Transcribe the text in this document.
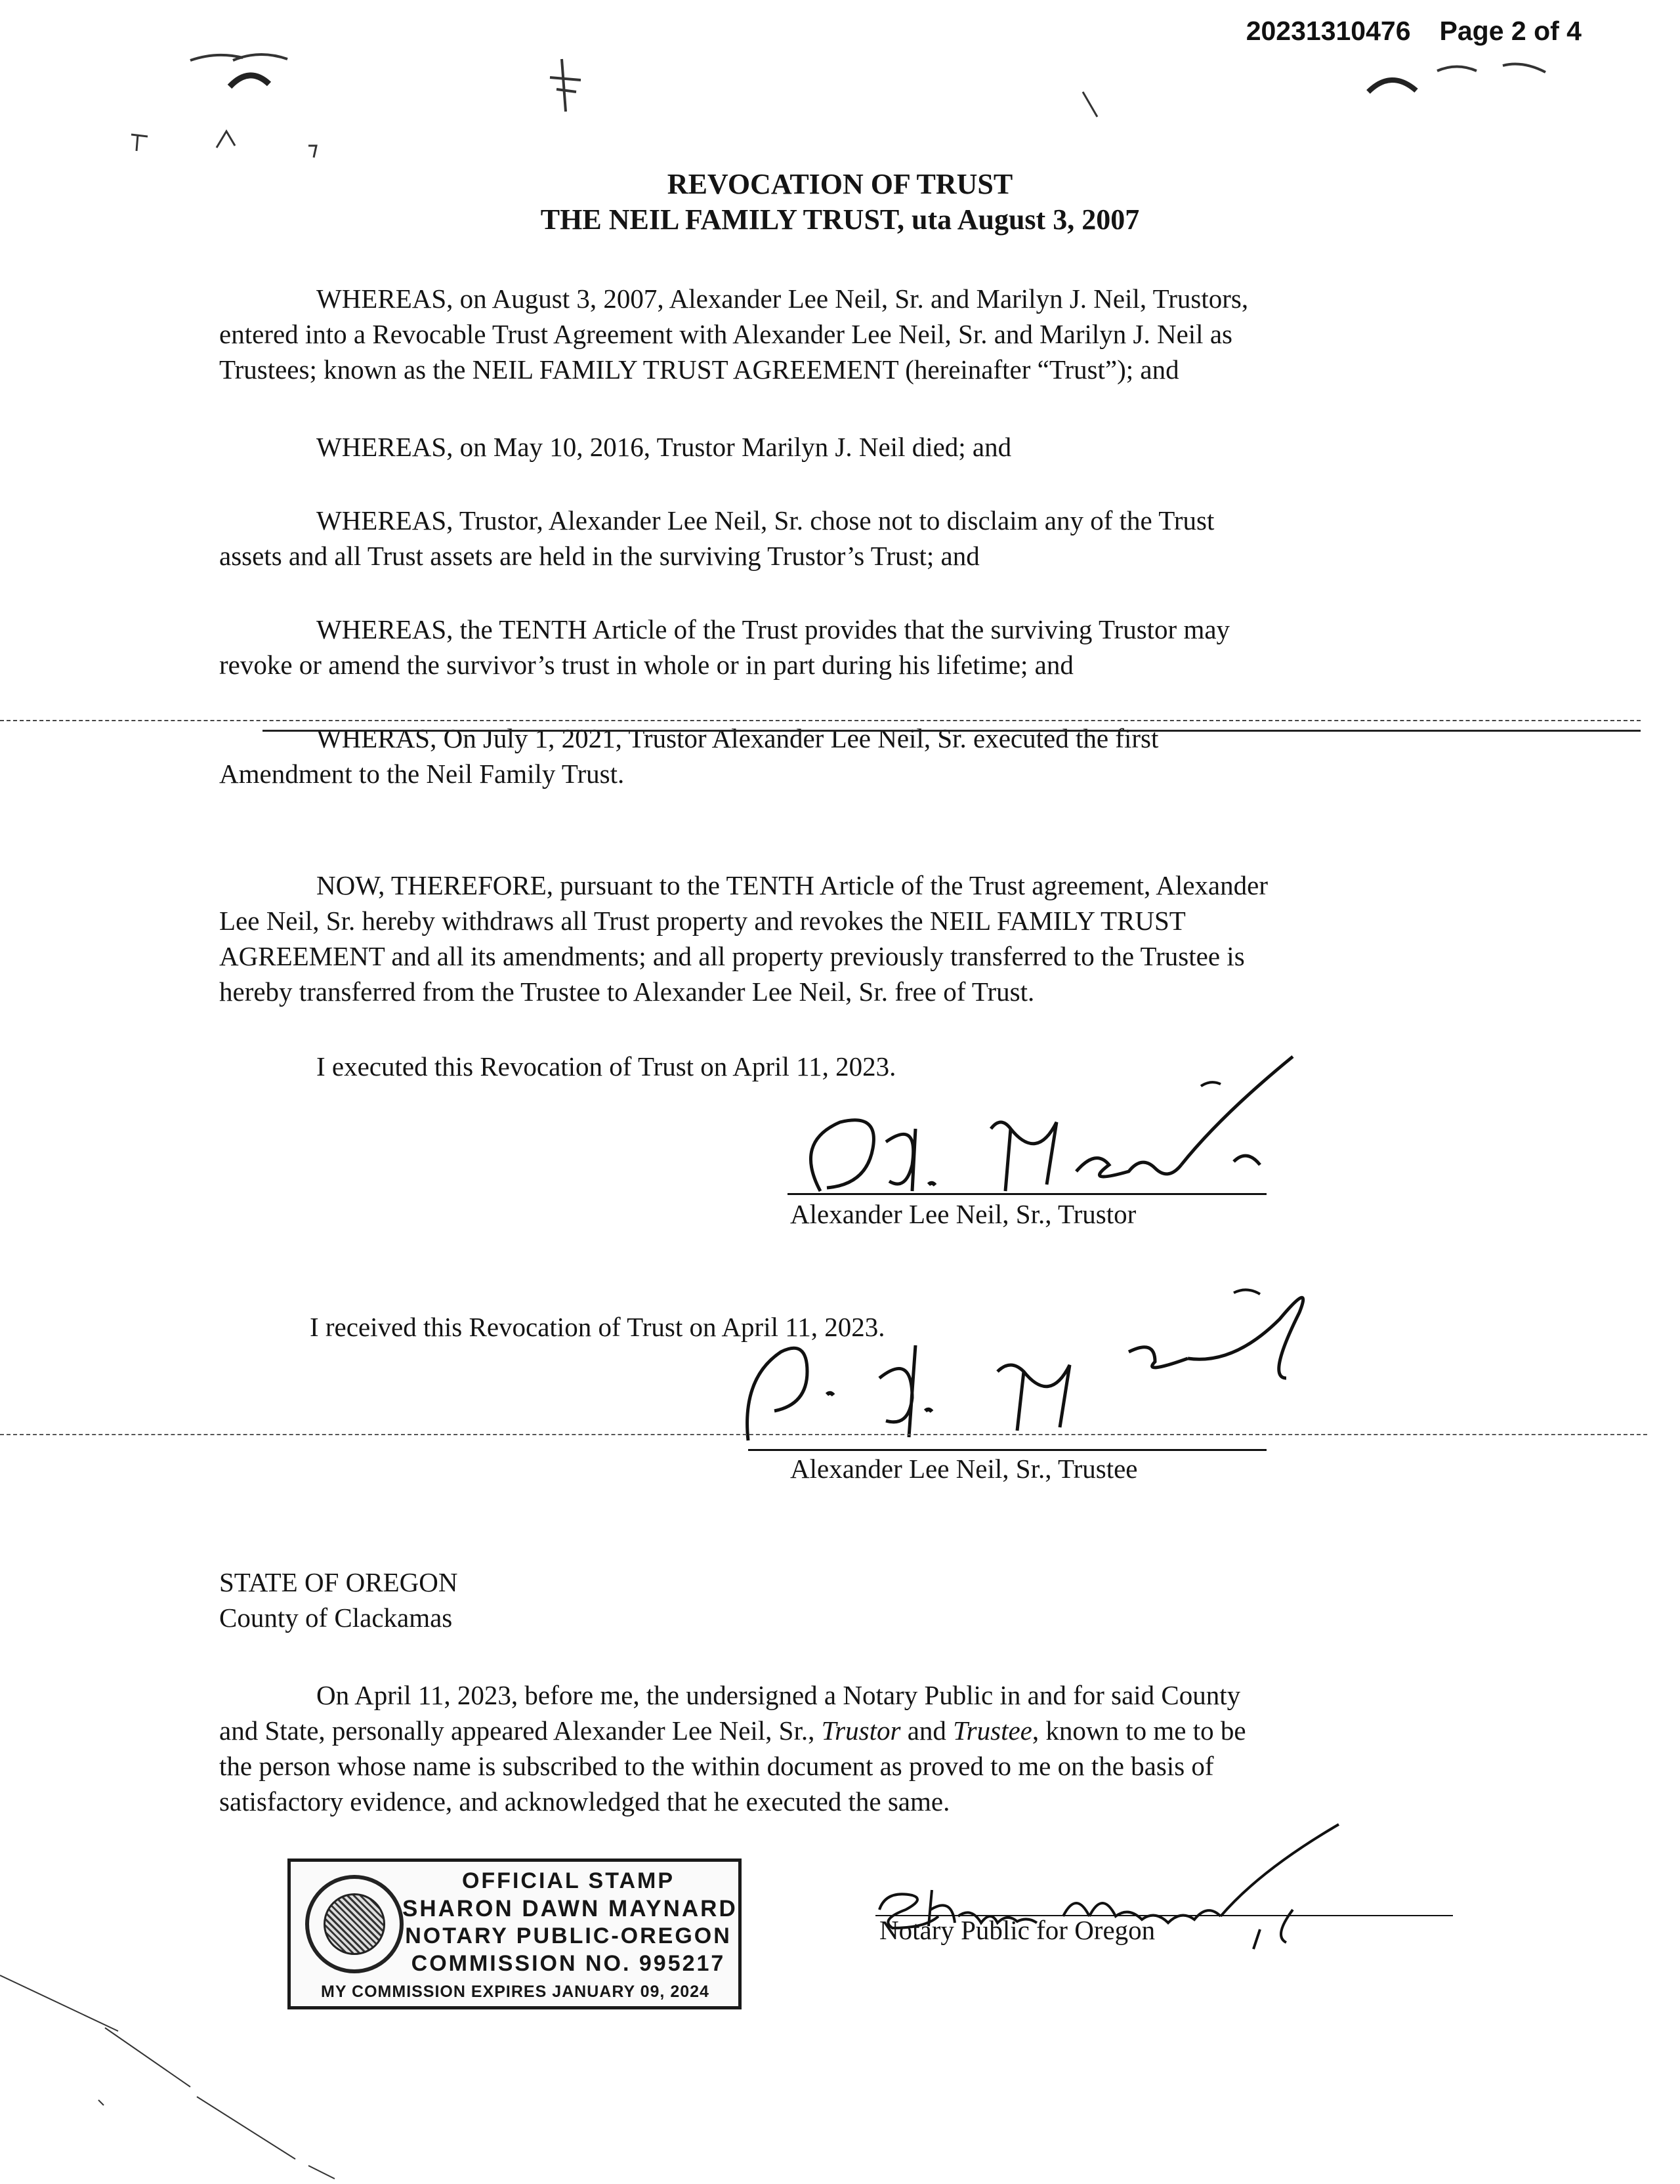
20231310476 Page 2 of 4
REVOCATION OF TRUST
THE NEIL FAMILY TRUST, uta August 3, 2007
WHEREAS, on August 3, 2007, Alexander Lee Neil, Sr. and Marilyn J. Neil, Trustors,
entered into a Revocable Trust Agreement with Alexander Lee Neil, Sr. and Marilyn J. Neil as
Trustees; known as the NEIL FAMILY TRUST AGREEMENT (hereinafter “Trust”); and
WHEREAS, on May 10, 2016, Trustor Marilyn J. Neil died; and
WHEREAS, Trustor, Alexander Lee Neil, Sr. chose not to disclaim any of the Trust
assets and all Trust assets are held in the surviving Trustor’s Trust; and
WHEREAS, the TENTH Article of the Trust provides that the surviving Trustor may
revoke or amend the survivor’s trust in whole or in part during his lifetime; and
WHERAS, On July 1, 2021, Trustor Alexander Lee Neil, Sr. executed the first
Amendment to the Neil Family Trust.
NOW, THEREFORE, pursuant to the TENTH Article of the Trust agreement, Alexander
Lee Neil, Sr. hereby withdraws all Trust property and revokes the NEIL FAMILY TRUST
AGREEMENT and all its amendments; and all property previously transferred to the Trustee is
hereby transferred from the Trustee to Alexander Lee Neil, Sr. free of Trust.
I executed this Revocation of Trust on April 11, 2023.
Alexander Lee Neil, Sr., Trustor
I received this Revocation of Trust on April 11, 2023.
Alexander Lee Neil, Sr., Trustee
STATE OF OREGON
County of Clackamas
On April 11, 2023, before me, the undersigned a Notary Public in and for said County
and State, personally appeared Alexander Lee Neil, Sr., Trustor and Trustee, known to me to be
the person whose name is subscribed to the within document as proved to me on the basis of
satisfactory evidence, and acknowledged that he executed the same.
OFFICIAL STAMP
SHARON DAWN MAYNARD
NOTARY PUBLIC-OREGON
COMMISSION NO. 995217
MY COMMISSION EXPIRES JANUARY 09, 2024
Notary Public for Oregon
